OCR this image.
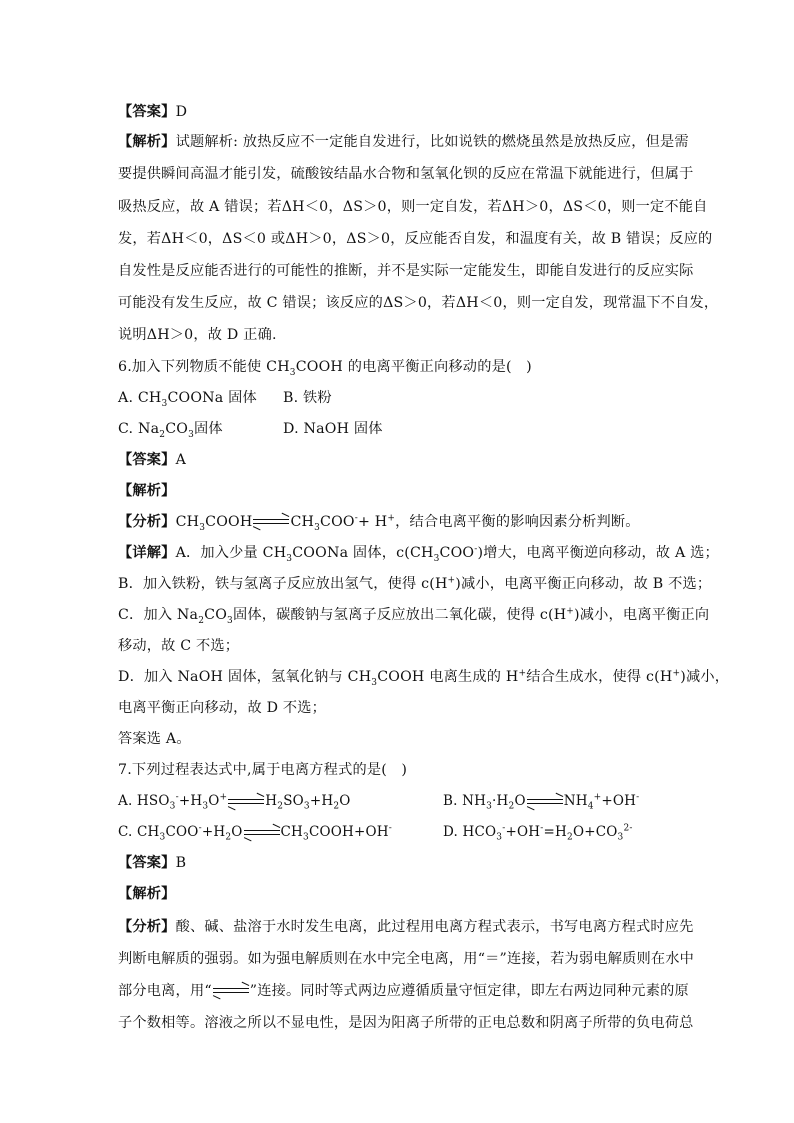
【答案】D
【解析】试题解析: 放热反应不一定能自发进行，比如说铁的燃烧虽然是放热反应，但是需
要提供瞬间高温才能引发，硫酸铵结晶水合物和氢氧化钡的反应在常温下就能进行，但属于
吸热反应，故 A 错误；若ΔH＜0，ΔS＞0，则一定自发，若ΔH＞0，ΔS＜0，则一定不能自
发，若ΔH＜0，ΔS＜0 或ΔH＞0，ΔS＞0，反应能否自发，和温度有关，故 B 错误；反应的
自发性是反应能否进行的可能性的推断，并不是实际一定能发生，即能自发进行的反应实际
可能没有发生反应，故 C 错误；该反应的ΔS＞0，若ΔH＜0，则一定自发，现常温下不自发，
说明ΔH＞0，故 D 正确.
6.加入下列物质不能使 $CH_3COOH$ 的电离平衡正向移动的是(　)
A. $CH_3COONa$ 固体 B. 铁粉
C. $Na_2CO_3$固体	D. NaOH 固体
【答案】A
【解析】
【分析】$CH_3COOH$	$CH_3COO^-+ H^+$，结合电离平衡的影响因素分析判断。
【详解】A．加入少量 $CH_3COONa$ 固体，$c(CH_3COO^-)$增大，电离平衡逆向移动，故 A 选；
B．加入铁粉，铁与氢离子反应放出氢气，使得 c(H+)减小，电离平衡正向移动，故 B 不选；
C．加入 $Na_2CO_3$固体，碳酸钠与氢离子反应放出二氧化碳，使得 c(H+)减小，电离平衡正向
移动，故 C 不选；
D．加入 NaOH 固体，氢氧化钠与 $CH_3COOH$ 电离生成的 H+结合生成水，使得 c(H+)减小，
电离平衡正向移动，故 D 不选；
答案选 A。
7.下列过程表达式中,属于电离方程式的是(　)
A. $HSO_3^-+H_3O^+$	$H_2SO_3+H_2O$	B. $NH_3\cdot H_2O$	$NH_4^++OH^-$
C. $CH_3COO^-+H_2O$	$CH_3COOH+OH^-$	D. $HCO_3^-+OH^-=H_2O+CO_3^{2-}$
【答案】B
【解析】
【分析】酸、碱、盐溶于水时发生电离，此过程用电离方程式表示，书写电离方程式时应先
判断电解质的强弱。如为强电解质则在水中完全电离，用“＝”连接，若为弱电解质则在水中
部分电离，用“	”连接。同时等式两边应遵循质量守恒定律，即左右两边同种元素的原
子个数相等。溶液之所以不显电性，是因为阳离子所带的正电总数和阴离子所带的负电荷总
